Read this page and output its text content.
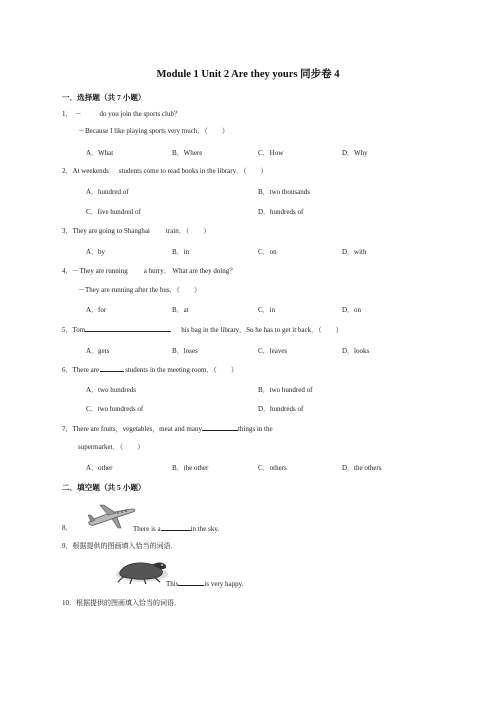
Module 1 Unit 2 Are they yours 同步卷 4
一．选择题（共 7 小题）
1． －	do you join the sports club？
－Because I like playing sports very much．（　　）
A．What	B．Where	C．How	D．Why
2．At weekends students come to read books in the library．（　　）
A．hundred of	B．two thousands
C．five hundred of	D．hundreds of
3．They are going to Shanghai train．（　　）
A．by	B．in	C．on	D．with
4．－They are running a hurry． What are they doing？
－They are running after the bus．（　　）
A．for	B．at	C．in	D．on
5．Tom	his bag in the library．So he has to get it back．（　　）
A．gets	B．loses	C．leaves	D．looks
6．There are	students in the meeting room．（　　）
A．two hundreds	B．two hundred of
C．two hundreds of	D．hundreds of
7．There are fruits，vegetables，meat and many	things in the
supermarket．（　　）
A．other	B．the other	C．others	D．the others
二．填空题（共 5 小题）
8．	There is a	in the sky.
9．根据提供的图画填入恰当的词语．
This	is very happy.
10．根据提供的图画填入恰当的词语．
